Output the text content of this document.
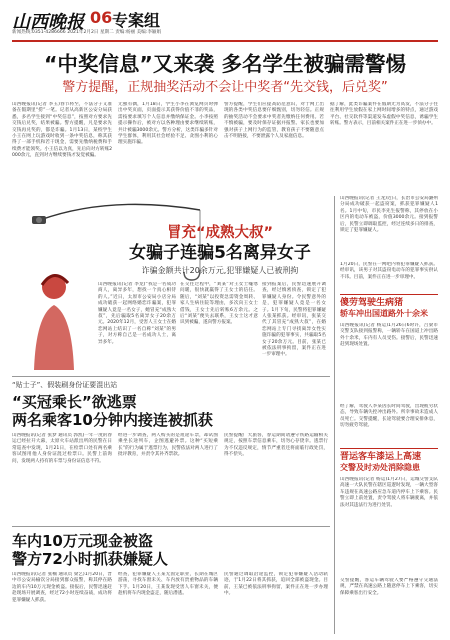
山西晚报 06 专案组
新闻热线:0351-4286666 2021年2月2日 星期二 责编:杨丽 美编:李颖娟
“中奖信息”又来袭 多名学生被骗需警惕
警方提醒，正规抽奖活动不会让中奖者“先交钱，后兑奖”
山西晚报讯(记者 李玉)春节将至，不法分子又准备在假期里“捞”一笔。记者从高新区公安分局获悉，多名学生接到“中奖信息”，按照对方要求先交钱后兑奖，结果被骗。警方提醒，凡是要求先交钱再兑奖的，都是诈骗。1月13日，某校学生小王在网上玩游戏时收到一条中奖信息，称其获得了一部手机和若干现金，需要先缴纳税费和手续费才能领奖。小王信以为真，先后向对方转账2000余元，直到对方继续要钱才发觉被骗。
无独有偶，1月18日，学生小李在浏览网页时弹出中奖页面，页面提示其获得价值不菲的奖品，需按要求填写个人信息并缴纳保证金。小李按照提示操作后，被对方以各种理由要求继续转账，共计被骗3000余元。警方分析，这类诈骗多针对学生群体，利用其社会经验不足、贪图小利的心理实施诈骗。
警方提醒，学生们应提高防范意识，对于网上出现的各类中奖信息要仔细甄别，切勿轻信。正规的抽奖活动不会要求中奖者先缴纳任何费用。若不慎被骗，要及时保存证据并报警。家长也要加强对孩子上网行为的监管，教育孩子不要随意点击不明链接，不要泄露个人及家庭信息。
据了解，此类诈骗案件在假期尤为高发，不法分子往往利用学生放假在家上网时间增多的特点，通过游戏平台、社交软件等渠道发布虚假中奖信息，诱骗学生转账。警方表示，目前相关案件正在进一步侦办中。
冒充“成熟大叔”
女骗子连骗5名离异女子
诈骗金额共计20余万元,犯罪嫌疑人已被刑拘
山西晚报讯(记者 李龙)“我是一名成功商人，离异多年，想找一个真心相待的人。”近日，太原市公安局小店分局成功破获一起网络婚恋诈骗案，犯罪嫌疑人竟是一名女子，她冒充“成熟大叔”，先后骗取5名离异女子20余万元。2020年12月，受害人王女士在婚恋网站上结识了一名自称“刘某”的男子，对方称自己是一名成功人士，离异多年。
在交往过程中，“刘某”对王女士嘘寒问暖，很快就赢得了王女士的信任。随后，“刘某”以投资急需资金周转、家人生病住院等理由，多次向王女士借钱，王女士先后转账6万余元。之后“刘某”便失去联系，王女士这才意识到被骗，遂向警方报案。
接到报案后，民警迅速展开调查，经过缜密侦查，锁定了犯罪嫌疑人身份。令民警意外的是，犯罪嫌疑人竟是一名女子。1月下旬，民警将犯罪嫌疑人张某抓获。经审讯，张某交代了其冒充“成熟大叔”，在婚恋网站上专门寻找离异女性实施诈骗的犯罪事实，共骗取5名女子20余万元。目前，张某已被依法刑事拘留，案件正在进一步审理中。
“贴士子”、假装刷身份证要混出站
“买冠乘长”欲逃票
两名乘客10分钟内接连被抓获
山西晚报讯(记者 张梦 通讯员 郭凯)一年一度的春运已经拉开大幕，太原火车站派出所的民警在日常巡查中发现，1月21日，在检票口处有两名乘客试图用他人身份证混过检票口。民警上前询问，发现两人持有的车票与身份证信息不符。
经进一步调查，两人购买的是短途车票，却试图乘坐长途列车，企图逃避补票。这种“买短乘长”的行为属于逃票行为，民警依法对两人进行了批评教育，并责令其补齐票款。
民警提醒广大旅客，春运期间请遵守铁路运输相关规定，按照车票信息乘车，切勿心存侥幸。逃票行为不仅违反规定，情节严重者还将面临行政处罚，得不偿失。
车内10万元现金被盗
警方72小时抓获嫌疑人
山西晚报讯(记者 张楠 通讯员 梁艺)1月20日，晋中市公安局榆次分局接到群众报警，称其停在路边的车内10万元现金被盗。接报后，民警迅速赶赴现场开展调查，经过72小时连续奋战，成功将犯罪嫌疑人抓获。
经查，犯罪嫌疑人王某无固定职业，长期在城区游荡，寻找车窗未关、车内放有贵重物品的车辆下手。1月20日，王某发现受害人车窗未关，便趁机将车内现金盗走，随后潜逃。
民警通过调取沿途监控，锁定犯罪嫌疑人活动轨迹，于1月22日将其抓获，追回全部被盗现金。目前，王某已被依法刑事拘留，案件正在进一步办理中。
山西晚报讯(记者 王龙)近日，长治市公安局潞州分局成功破获一起盗窃案，抓获犯罪嫌疑人1名。1月中旬，市民李先生报警称，其停放在小区内的电动车被盗，价值3000余元。接到报警后，民警立即调取监控，经过连续多日的排查，锁定了犯罪嫌疑人。
1月20日，民警在一网吧内将犯罪嫌疑人抓获。经审讯，该男子对其盗窃电动车的犯罪事实供认不讳。目前，案件正在进一步审理中。
傻劳驾驶生病猪
轿车冲出国道路外十余米
山西晚报讯(记者 杨运)1月26日6时许，吕梁市交警支队接到报警称，一辆轿车在国道上冲出路外十余米，车内有人员受伤。接警后，民警迅速赶到现场处置。
经了解，驾驶人李某因长时间驾驶，出现疲劳状态，导致车辆失控冲出路外。所幸事故未造成人员死亡。交警提醒，长途驾驶要合理安排休息，切勿疲劳驾驶。
晋运客车漆运上高速
交警及时劝处消除隐患
山西晚报讯(记者 杨运)1月27日，运城交警支队高速一大队民警在辖区巡逻时发现，一辆大型客车违规在高速公路应急车道内停车上下乘客。民警立即上前处置，责令驾驶人将车辆驶离，并依法对其违法行为进行处罚。
交警提醒，客运车辆驾驶人要严格遵守交通法规，严禁在高速公路上随意停车上下乘客，切实保障乘客出行安全。
